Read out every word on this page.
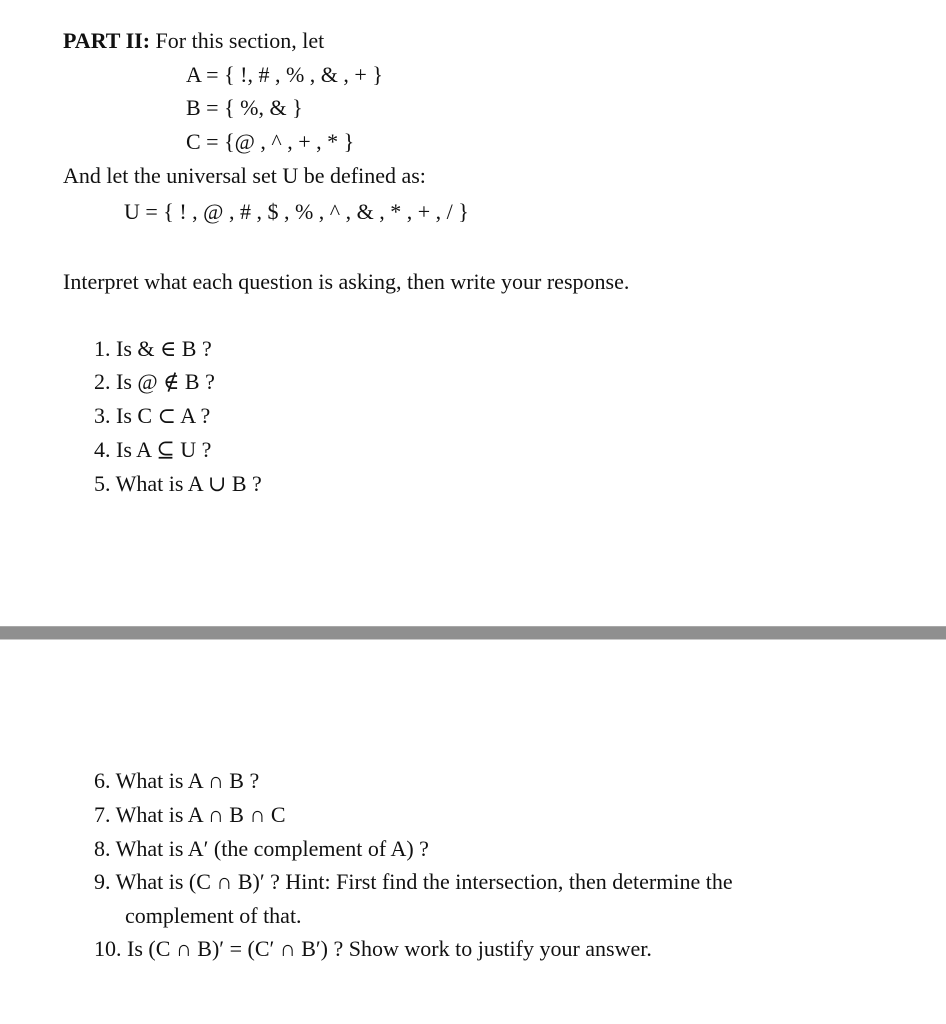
PART II: For this section, let
A = { !, # , % , & , + }
B = { %, & }
C = {@ , ^ , + , * }
And let the universal set U be defined as:
U = { ! , @ , # , $ , % , ^ , & , * , + , / }
Interpret what each question is asking, then write your response.
1. Is & ∈ B ?
2. Is @ ∉ B ?
3. Is C ⊂ A ?
4. Is A ⊆ U ?
5. What is A ∪ B ?
6. What is A ∩ B ?
7. What is A ∩ B ∩ C
8. What is A′ (the complement of A) ?
9. What is (C ∩ B)′ ? Hint: First find the intersection, then determine the
complement of that.
10. Is (C ∩ B)′ = (C′ ∩ B′) ? Show work to justify your answer.
